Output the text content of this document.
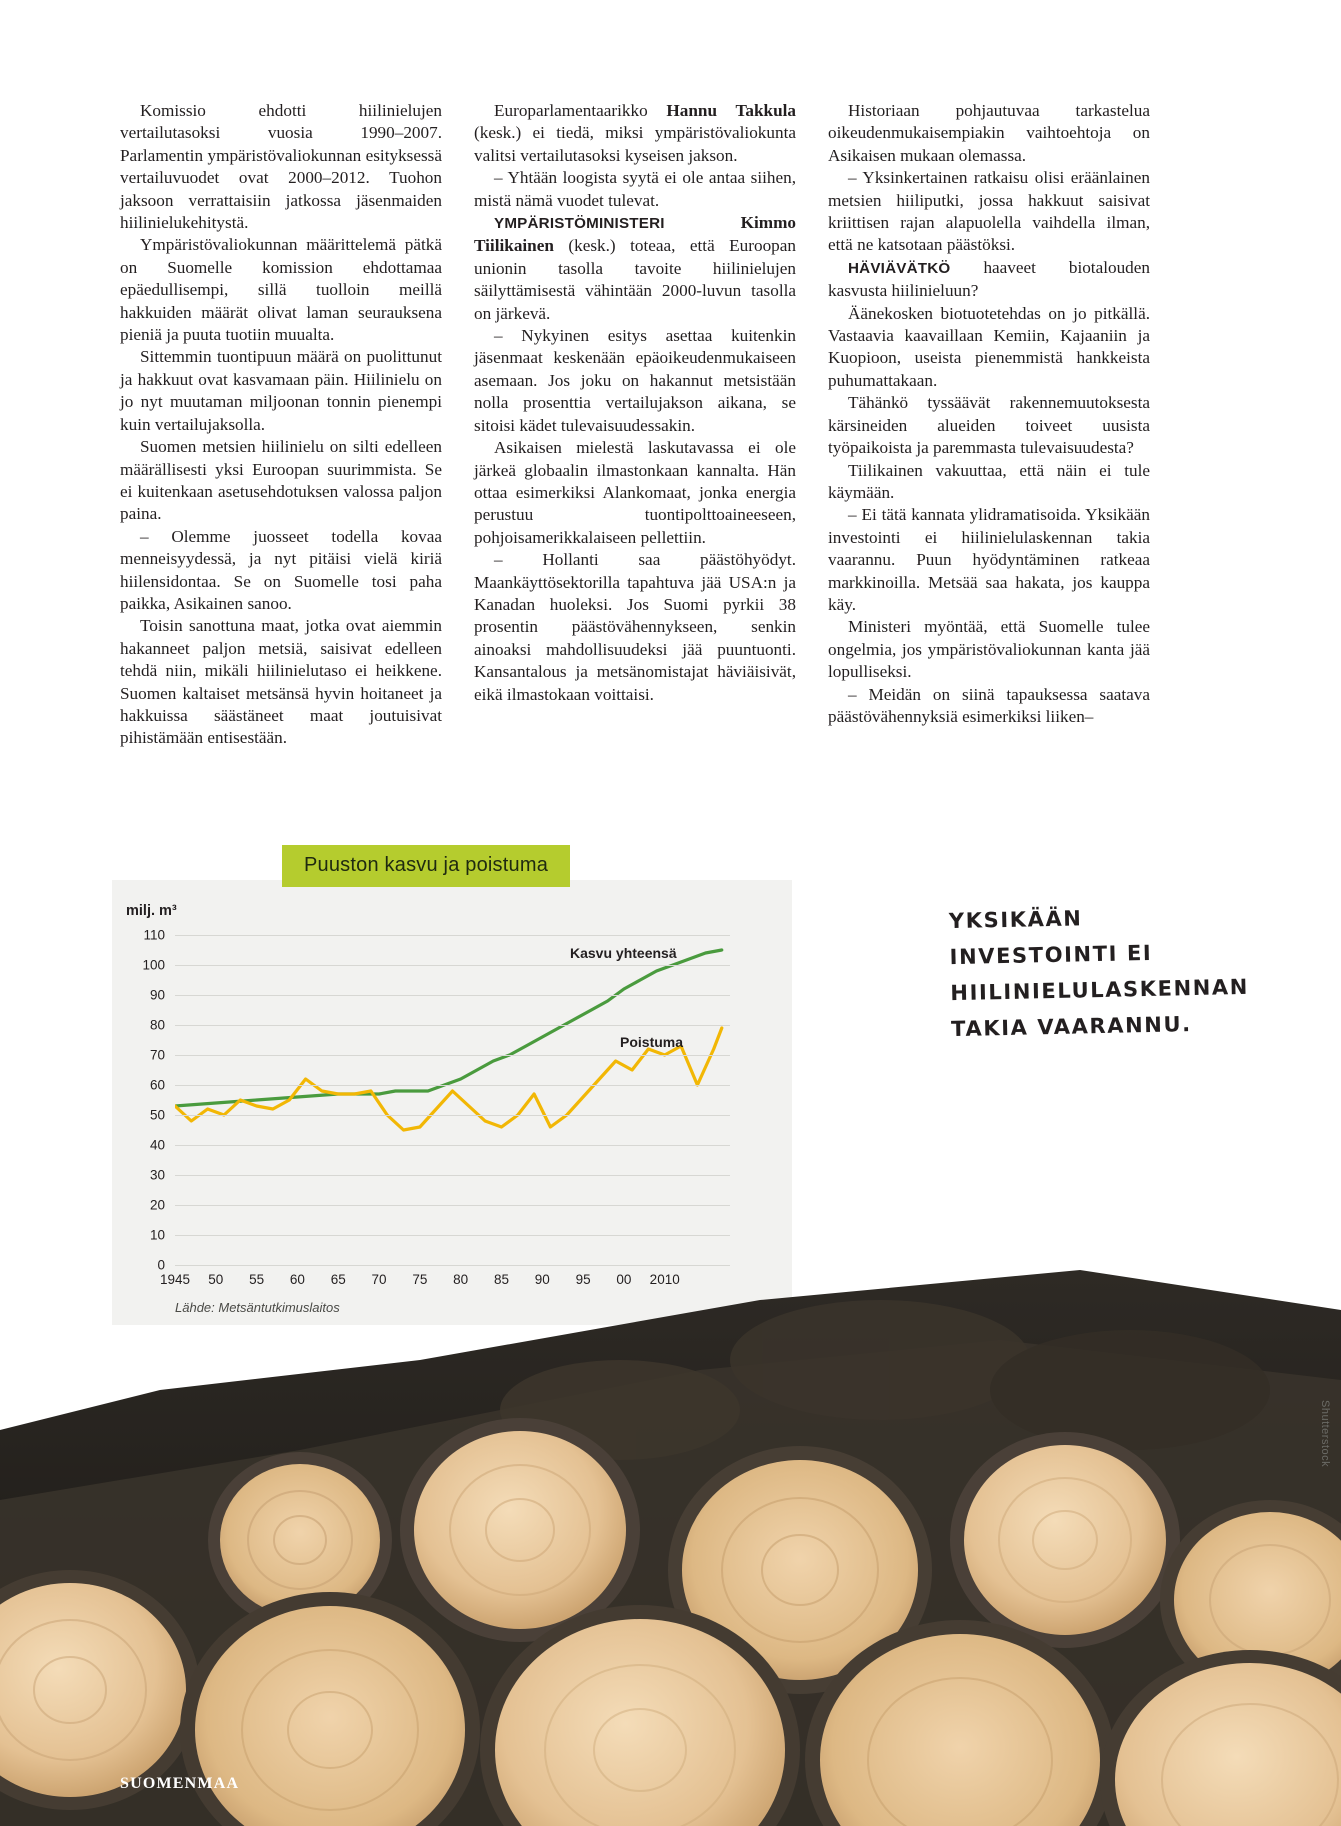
Komissio ehdotti hiilinielujen vertailutasoksi vuosia 1990–2007. Parlamentin ympäristövaliokunnan esityksessä vertailuvuodet ovat 2000–2012. Tuohon jaksoon verrattaisiin jatkossa jäsenmaiden hiilinielukehitystä.

Ympäristövaliokunnan määrittelemä pätkä on Suomelle komission ehdottamaa epäedullisempi, sillä tuolloin meillä hakkuiden määrät olivat laman seurauksena pieniä ja puuta tuotiin muualta.

Sittemmin tuontipuun määrä on puolittunut ja hakkuut ovat kasvamaan päin. Hiilinielu on jo nyt muutaman miljoonan tonnin pienempi kuin vertailujaksolla.

Suomen metsien hiilinielu on silti edelleen määrällisesti yksi Euroopan suurimmista. Se ei kuitenkaan asetusehdotuksen valossa paljon paina.

– Olemme juosseet todella kovaa menneisyydessä, ja nyt pitäisi vielä kiriä hiilensidontaa. Se on Suomelle tosi paha paikka, Asikainen sanoo.

Toisin sanottuna maat, jotka ovat aiemmin hakanneet paljon metsiä, saisivat edelleen tehdä niin, mikäli hiilinielutaso ei heikkene. Suomen kaltaiset metsänsä hyvin hoitaneet ja hakkuissa säästäneet maat joutuisivat pihistämään entisestään.

Europarlamentaarikko Hannu Takkula (kesk.) ei tiedä, miksi ympäristövaliokunta valitsi vertailutasoksi kyseisen jakson.

– Yhtään loogista syytä ei ole antaa siihen, mistä nämä vuodet tulevat.

YMPÄRISTÖMINISTERI Kimmo Tiilikainen (kesk.) toteaa, että Euroopan unionin tasolla tavoite hiilinielujen säilyttämisestä vähintään 2000-luvun tasolla on järkevä.

– Nykyinen esitys asettaa kuitenkin jäsenmaat keskenään epäoikeudenmukaiseen asemaan. Jos joku on hakannut metsistään nolla prosenttia vertailujakson aikana, se sitoisi kädet tulevaisuudessakin.

Asikaisen mielestä laskutavassa ei ole järkeä globaalin ilmastonkaan kannalta. Hän ottaa esimerkiksi Alankomaat, jonka energia perustuu tuontipolttoaineeseen, pohjoisamerikkalaiseen pellettiin.

– Hollanti saa päästöhyödyt. Maankäyttösektorilla tapahtuva jää USA:n ja Kanadan huoleksi. Jos Suomi pyrkii 38 prosentin päästövähennykseen, senkin ainoaksi mahdollisuudeksi jää puuntuonti. Kansantalous ja metsänomistajat häviäisivät, eikä ilmastokaan voittaisi.

Historiaan pohjautuvaa tarkastelua oikeudenmukaisempiakin vaihtoehtoja on Asikaisen mukaan olemassa.

– Yksinkertainen ratkaisu olisi eräänlainen metsien hiiliputki, jossa hakkuut saisivat kriittisen rajan alapuolella vaihdella ilman, että ne katsotaan päästöksi.

HÄVIÄVÄTKÖ haaveet biotalouden kasvusta hiilinieluun?

Äänekosken biotuotetehdas on jo pitkällä. Vastaavia kaavaillaan Kemiin, Kajaaniin ja Kuopioon, useista pienemmistä hankkeista puhumattakaan.

Tähänkö tyssäävät rakennemuutoksesta kärsineiden alueiden toiveet uusista työpaikoista ja paremmasta tulevaisuudesta?

Tiilikainen vakuuttaa, että näin ei tule käymään.

– Ei tätä kannata ylidramatisoida. Yksikään investointi ei hiilinielulaskennan takia vaarannu. Puun hyödyntäminen ratkeaa markkinoilla. Metsää saa hakata, jos kauppa käy.

Ministeri myöntää, että Suomelle tulee ongelmia, jos ympäristövaliokunnan kanta jää lopulliseksi.

– Meidän on siinä tapauksessa saatava päästövähennyksiä esimerkiksi liiken–

Puuston kasvu ja poistuma
milj. m³
0
10
20
30
40
50
60
70
80
90
100
110
1945 50 55 60 65 70 75 80 85 90 95 00 2010
Lähde: Metsäntutkimuslaitos
Kasvu yhteensä
Poistuma
YKSIKÄÄN INVESTOINTI EI HIILINIELULASKENNAN TAKIA VAARANNU.
Shutterstock
SUOMENMAA
